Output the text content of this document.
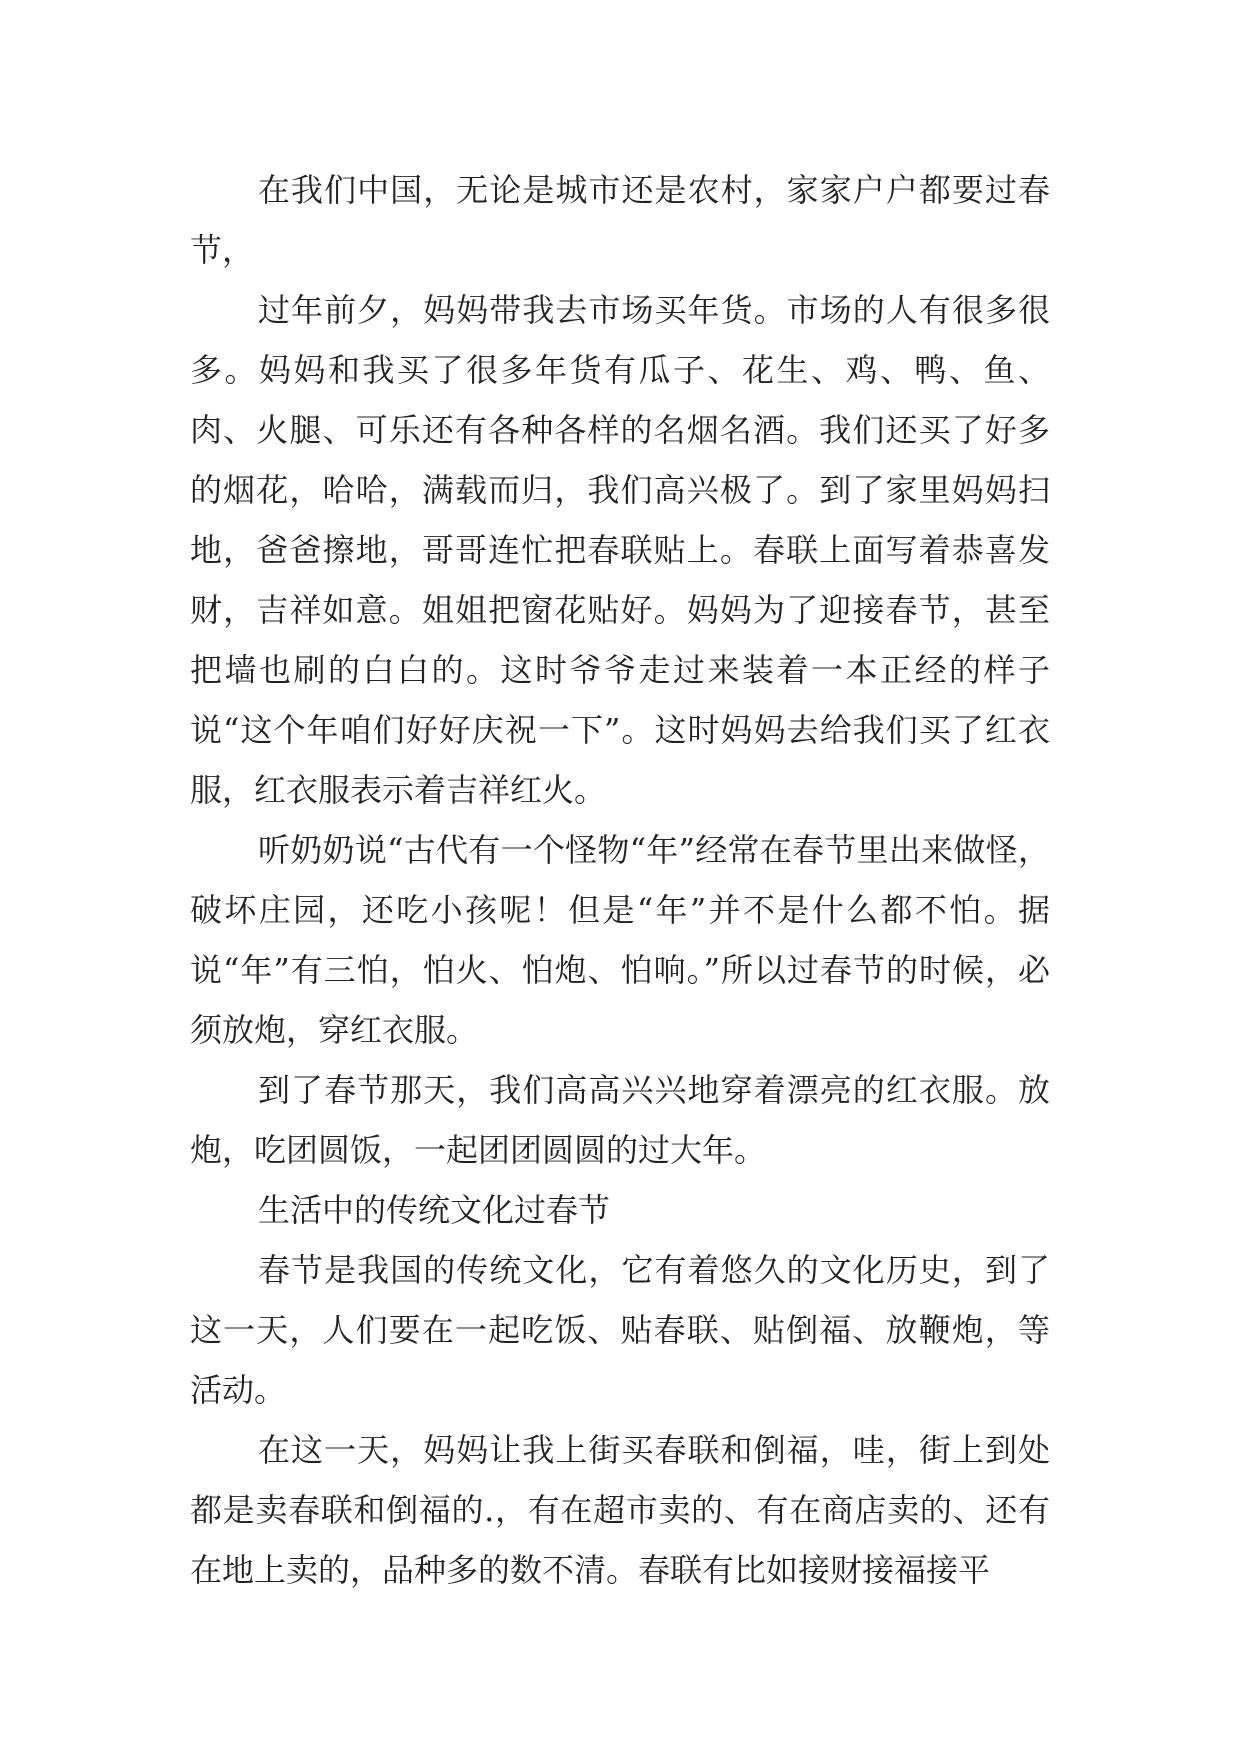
在我们中国，无论是城市还是农村，家家户户都要过春节，

过年前夕，妈妈带我去市场买年货。市场的人有很多很多。妈妈和我买了很多年货有瓜子、花生、鸡、鸭、鱼、肉、火腿、可乐还有各种各样的名烟名酒。我们还买了好多的烟花，哈哈，满载而归，我们高兴极了。到了家里妈妈扫地，爸爸擦地，哥哥连忙把春联贴上。春联上面写着恭喜发财，吉祥如意。姐姐把窗花贴好。妈妈为了迎接春节，甚至把墙也刷的白白的。这时爷爷走过来装着一本正经的样子说“这个年咱们好好庆祝一下”。这时妈妈去给我们买了红衣服，红衣服表示着吉祥红火。

听奶奶说“古代有一个怪物“年”经常在春节里出来做怪，破坏庄园，还吃小孩呢！但是“年”并不是什么都不怕。据说“年”有三怕，怕火、怕炮、怕响。”所以过春节的时候，必须放炮，穿红衣服。

到了春节那天，我们高高兴兴地穿着漂亮的红衣服。放炮，吃团圆饭，一起团团圆圆的过大年。

生活中的传统文化过春节

春节是我国的传统文化，它有着悠久的文化历史，到了这一天，人们要在一起吃饭、贴春联、贴倒福、放鞭炮，等活动。

在这一天，妈妈让我上街买春联和倒福，哇，街上到处都是卖春联和倒福的.，有在超市卖的、有在商店卖的、还有在地上卖的，品种多的数不清。春联有比如接财接福接平
